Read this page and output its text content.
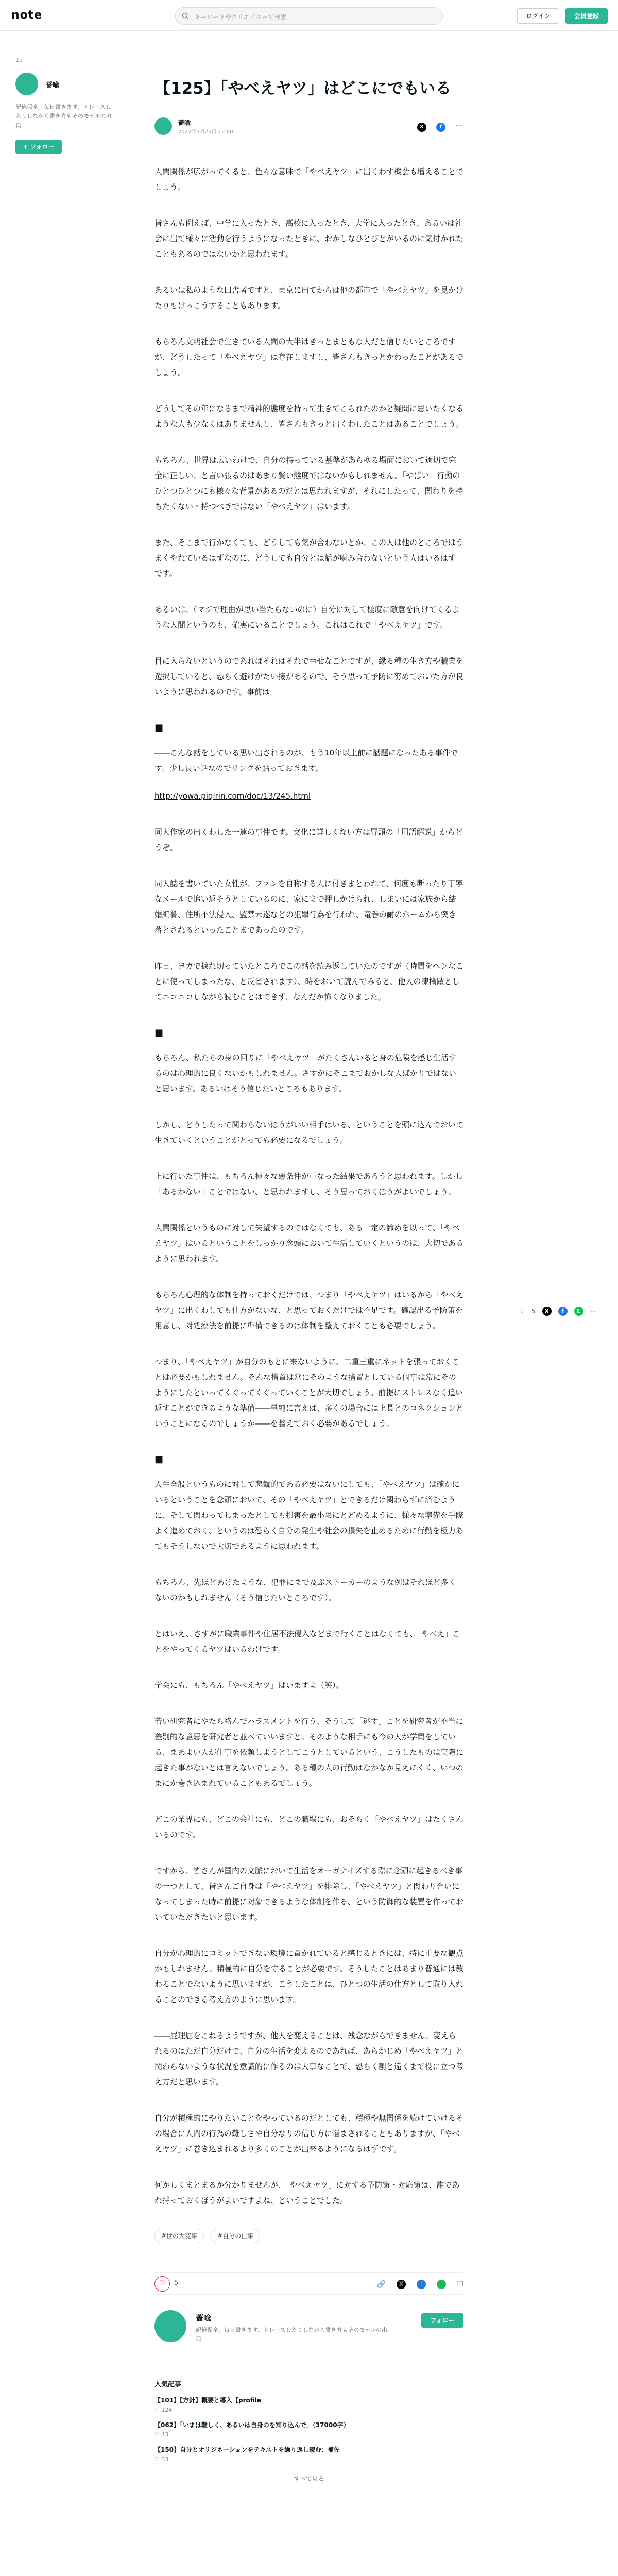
note	キーワードやクリエイターで検索	ログイン	会員登録
11
薔喩
記憶保全。毎日書きます。トレースしたりしながら書き方もそのモデルの出典
+ フォロー
♡ 5 X f L ⋯
【125】「やべえヤツ」はどこにでもいる
薔喩
2022年7月25日 12:00
X	f ⋯

人間関係が広がってくると、色々な意味で「やべえヤツ」に出くわす機会も増えることでしょう。

皆さんも例えば、中学に入ったとき、高校に入ったとき、大学に入ったとき、あるいは社会に出て様々に活動を行うようになったときに、おかしなひとびとがいるのに気付かれたこともあるのではないかと思われます。

あるいは私のような田舎者ですと、東京に出てからは他の都市で「やべえヤツ」を見かけたりもけっこうすることもあります。

もちろん文明社会で生きている人間の大半はきっとまともな人だと信じたいところですが、どうしたって「やべえヤツ」は存在しますし、皆さんもきっとかわったことがあるでしょう。

どうしてその年になるまで精神的態度を持って生きてこられたのかと疑問に思いたくなるような人も少なくはありませんし、皆さんもきっと出くわしたことはあることでしょう。

もちろん、世界は広いわけで、自分の持っている基準があらゆる場面において適切で完全に正しい、と言い張るのはあまり賢い態度ではないかもしれません。「やばい」行動のひとつひとつにも様々な背景があるのだとは思われますが、それにしたって、関わりを持ちたくない・持つべきではない「やべえヤツ」はいます。

また、そこまで行かなくても、どうしても気が合わないとか、この人は他のところではうまくやれているはずなのに、どうしても自分とは話が噛み合わないという人はいるはずです。

あるいは、（マジで理由が思い当たらないのに）自分に対して極度に敵意を向けてくるような人間というのも、確実にいることでしょう。これはこれで「やべえヤツ」です。

目に入らないというのであればそれはそれで幸せなことですが、縁る種の生き方や職業を選択していると、恐らく避けがたい接があるので、そう思って予防に努めておいた方が良いように思われるのです。事前は

■

――こんな話をしている思い出されるのが、もう10年以上前に話題になったある事件です。少し長い話なのでリンクを貼っておきます。

http://yowa.piqirin.com/doc/13/245.html

同人作家の出くわした一連の事件です。文化に詳しくない方は冒頭の「用語解説」からどうぞ。

同人誌を書いていた女性が、ファンを自称する人に付きまとわれて、何度も断ったり丁寧なメールで追い返そうとしているのに、家にまで押しかけられ、しまいには家族から結婚編纂、住所不法侵入、監禁未遂などの犯罪行為を行われ、竜巻の耐のホームから突き落とされるといったことまであったのです。

昨日、ヨガで捩れ切っていたところでこの話を読み返していたのですが（時間をヘンなことに使ってしまったな、と反省されます）、時をおいて読んでみると、他人の凍檎蹟としてニコニコしながら読むことはできず、なんだか怖くなりました。

■

もちろん、私たちの身の回りに「やべえヤツ」がたくさんいると身の危険を感じ生活するのは心理的に良くないかもしれません。さすがにそこまでおかしな人ばかりではないと思います。あるいはそう信じたいところもあります。

しかし、どうしたって関わらないほうがいい相手はいる、ということを頭に込んでおいて生きていくということがとっても必要になるでしょう。

上に行いた事件は、もちろん極々な悪条件が重なった結果であろうと思われます。しかし「あるかない」ことではない、と思われますし、そう思っておくほうがよいでしょう。

人間関係というものに対して失望するのではなくても、ある一定の諦めを以って、「やべえヤツ」はいるということをしっかり念頭において生活していくというのは、大切であるように思われます。

もちろん心理的な体制を持っておくだけでは、つまり「やべえヤツ」はいるから「やべえヤツ」に出くわしても仕方がないな、と思っておくだけでは不足です。確認出る予防策を用意し、対処療法を前提に準備できるのは体制を整えておくことも必要でしょう。

つまり、「やべえヤツ」が自分のもとに来ないように、二重三重にネットを張っておくことは必要かもしれません。そんな措置は常にそのような措置としている個事は常にそのようにしたといってくぐってくぐっていくことが大切でしょう。前提にストレスなく追い返すことができるような準備――単純に言えば、多くの場合には上長とのコネクションということになるのでしょうか――を整えておく必要があるでしょう。

■

人生全般というものに対して悲観的である必要はないにしても、「やべえヤツ」は確かにいるということを念頭において、その「やべえヤツ」とできるだけ関わらずに済むように、そして関わってしまったとしても損害を最小限にとどめるように、様々な準備を手際よく進めておく、というのは恐らく自分の発生や社会の損失を止めるために行動を極力あてもそうしないで大切であるように思われます。

もちろん、先ほどあげたような、犯罪にまで及ぶストーカーのような例はそれほど多くないのかもしれません（そう信じたいところです）。

とはいえ、さすがに職業事件や住居不法侵入などまで行くことはなくても、「やべえ」ことをやってくるヤツはいるわけです。

学会にも、もちろん「やべえヤツ」はいますよ（笑）。

若い研究者にやたら絡んでハラスメントを行う、そうして「逃す」ことを研究者が不当に差別的な意思を研究者と並べていいますと、そのような相手にも今の人が学問をしている、まあよい人が仕事を依頼しようとしてこうとしているという、こうしたものは実際に起きた事がないとは言えないでしょう。ある種の人の行動はなかなか見えにくく、いつのまにか巻き込まれていることもあるでしょう。

どこの業界にも、どこの会社にも、どこの職場にも、おそらく「やべえヤツ」はたくさんいるのです。

ですから、皆さんが国内の文脈において生活をオーガナイズする際に念頭に起きるべき事の一つとして、皆さんご自身は「やべえヤツ」を排除し、「やべえヤツ」と関わり合いになってしまった時に前提に対象できるような体制を作る、という防御的な装置を作っておいていただきたいと思います。

自分が心理的にコミットできない環境に置かれていると感じるときには、特に重要な観点かもしれません。積極的に自分を守ることが必要です。そうしたことはあまり普通には教わることでないように思いますが、こうしたことは、ひとつの生活の仕方として取り入れることのできる考え方のように思います。

――屁理屈をこねるようですが、他人を変えることは、残念ながらできません。変えられるのはただ自分だけで、自分の生活を変えるのであれば、あらかじめ「やべえヤツ」と関わらないような状況を意識的に作るのは大事なことで、恐らく割と遠くまで役に立つ考え方だと思います。

自分が積極的にやりたいことをやっているのだとしても、積極や無関係を続けていけるその場合に人間の行為の難しさや自分なりの信じ方に悩まされることもありますが、「やべえヤツ」に巻き込まれるより多くのことが出来るようになるはずです。

何かしくまとまるか分かりませんが、「やべえヤツ」に対する予防策・対応策は、誰であれ持っておくほうがよいですよね、ということでした。

#世の大変事	#自分の仕事
♡	5	🔗 X f L ☐
薔喩
記憶保全。毎日書きます。トレースしたりしながら書き方もそのモデルの出典
フォロー
人気記事
【101】【方針】概要と導入【profile
♡ 124
【062】「いまは難しく、あるいは自身のを知り込んで」（37000字）
♡ 43
【150】自分とオリジネーションをテキストを繰り返し読む：補佐
♡ 33
すべて見る
